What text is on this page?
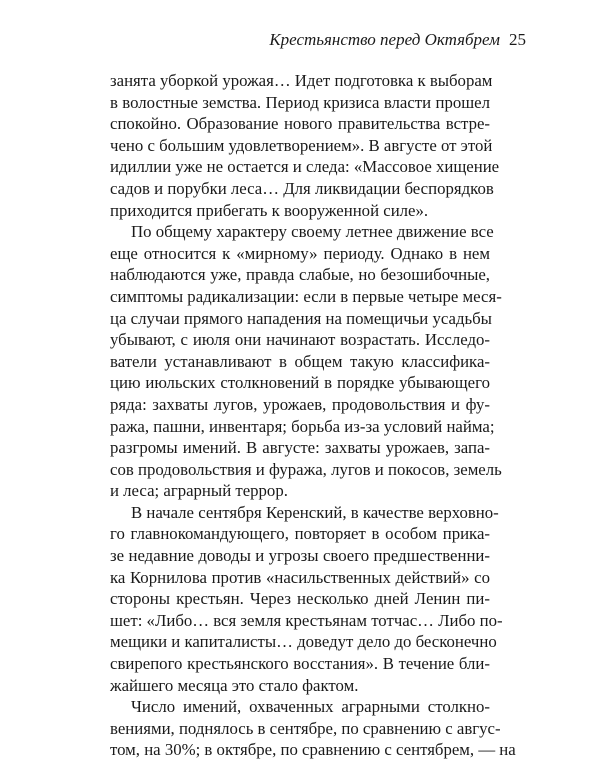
Крестьянство перед Октябрем 25
занята уборкой урожая… Идет подготовка к выборам
в волостные земства. Период кризиса власти прошел
спокойно. Образование нового правительства встре-
чено с большим удовлетворением». В августе от этой
идиллии уже не остается и следа: «Массовое хищение
садов и порубки леса… Для ликвидации беспорядков
приходится прибегать к вооруженной силе».
По общему характеру своему летнее движение все
еще относится к «мирному» периоду. Однако в нем
наблюдаются уже, правда слабые, но безошибочные,
симптомы радикализации: если в первые четыре меся-
ца случаи прямого нападения на помещичьи усадьбы
убывают, с июля они начинают возрастать. Исследо-
ватели устанавливают в общем такую классифика-
цию июльских столкновений в порядке убывающего
ряда: захваты лугов, урожаев, продовольствия и фу-
ража, пашни, инвентаря; борьба из-за условий найма;
разгромы имений. В августе: захваты урожаев, запа-
сов продовольствия и фуража, лугов и покосов, земель
и леса; аграрный террор.
В начале сентября Керенский, в качестве верховно-
го главнокомандующего, повторяет в особом прика-
зе недавние доводы и угрозы своего предшественни-
ка Корнилова против «насильственных действий» со
стороны крестьян. Через несколько дней Ленин пи-
шет: «Либо… вся земля крестьянам тотчас… Либо по-
мещики и капиталисты… доведут дело до бесконечно
свирепого крестьянского восстания». В течение бли-
жайшего месяца это стало фактом.
Число имений, охваченных аграрными столкно-
вениями, поднялось в сентябре, по сравнению с авгус-
том, на 30%; в октябре, по сравнению с сентябрем, — на
